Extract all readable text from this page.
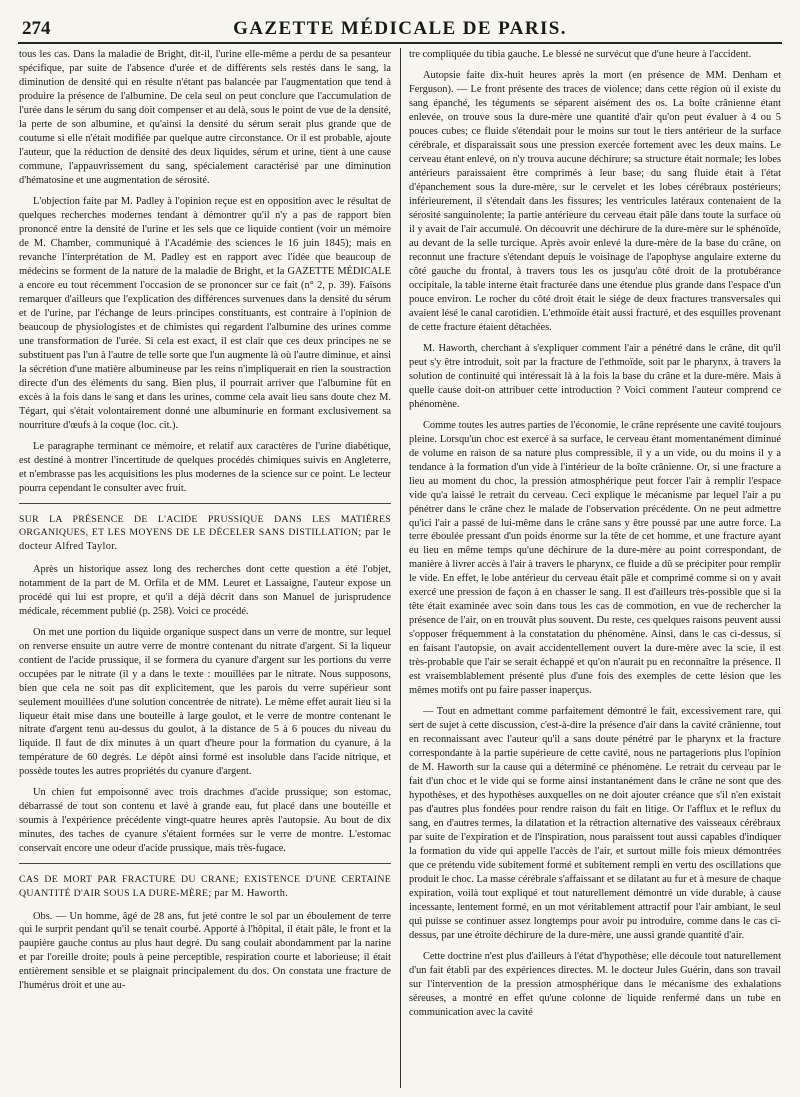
274	GAZETTE MÉDICALE DE PARIS.

tous les cas. Dans la maladie de Bright, dit-il, l'urine elle-même a perdu de sa pesanteur spécifique, par suite de l'absence d'urée et de différents sels restés dans le sang, la diminution de densité qui en résulte n'étant pas balancée par l'augmentation que tend à produire la présence de l'albumine. De cela seul on peut conclure que l'accumulation de l'urée dans le sérum du sang doit compenser et au delà, sous le point de vue de la densité, la perte de son albumine, et qu'ainsi la densité du sérum serait plus grande que de coutume si elle n'était modifiée par quelque autre circonstance. Or il est probable, ajoute l'auteur, que la réduction de densité des deux liquides, sérum et urine, tient à une cause commune, l'appauvrissement du sang, spécialement caractérisé par une diminution d'hématosine et une augmentation de sérosité.

L'objection faite par M. Padley à l'opinion reçue est en opposition avec le résultat de quelques recherches modernes tendant à démontrer qu'il n'y a pas de rapport bien prononcé entre la densité de l'urine et les sels que ce liquide contient (voir un mémoire de M. Chamber, communiqué à l'Académie des sciences le 16 juin 1845); mais en revanche l'interprétation de M. Padley est en rapport avec l'idée que beaucoup de médecins se forment de la nature de la maladie de Bright, et la GAZETTE MÉDICALE a encore eu tout récemment l'occasion de se prononcer sur ce fait (n° 2, p. 39). Faisons remarquer d'ailleurs que l'explication des différences survenues dans la densité du sérum et de l'urine, par l'échange de leurs principes constituants, est contraire à l'opinion de beaucoup de physiologistes et de chimistes qui regardent l'albumine des urines comme une transformation de l'urée. Si cela est exact, il est clair que ces deux principes ne se substituent pas l'un à l'autre de telle sorte que l'un augmente là où l'autre diminue, et ainsi la sécrétion d'une matière albumineuse par les reins n'impliquerait en rien la soustraction directe d'un des éléments du sang. Bien plus, il pourrait arriver que l'albumine fût en excès à la fois dans le sang et dans les urines, comme cela avait lieu sans doute chez M. Tégart, qui s'était volontairement donné une albuminurie en formant exclusivement sa nourriture d'œufs à la coque (loc. cit.).

Le paragraphe terminant ce mémoire, et relatif aux caractères de l'urine diabétique, est destiné à montrer l'incertitude de quelques procédés chimiques suivis en Angleterre, et n'embrasse pas les acquisitions les plus modernes de la science sur ce point. Le lecteur pourra cependant le consulter avec fruit.

SUR LA PRÉSENCE DE L'ACIDE PRUSSIQUE DANS LES MATIÈRES ORGANIQUES, ET LES MOYENS DE LE DÉCELER SANS DISTILLATION; par le docteur Alfred Taylor.

Après un historique assez long des recherches dont cette question a été l'objet, notamment de la part de M. Orfila et de MM. Leuret et Lassaigne, l'auteur expose un procédé qui lui est propre, et qu'il a déjà décrit dans son Manuel de jurisprudence médicale, récemment publié (p. 258). Voici ce procédé.

On met une portion du liquide organique suspect dans un verre de montre, sur lequel on renverse ensuite un autre verre de montre contenant du nitrate d'argent. Si la liqueur contient de l'acide prussique, il se formera du cyanure d'argent sur les portions du verre occupées par le nitrate (il y a dans le texte : mouillées par le nitrate. Nous supposons, bien que cela ne soit pas dit explicitement, que les parois du verre supérieur sont seulement mouillées d'une solution concentrée de nitrate). Le même effet aurait lieu si la liqueur était mise dans une bouteille à large goulot, et le verre de montre contenant le nitrate d'argent tenu au-dessus du goulot, à la distance de 5 à 6 pouces du niveau du liquide. Il faut de dix minutes à un quart d'heure pour la formation du cyanure, à la température de 60 degrés. Le dépôt ainsi formé est insoluble dans l'acide nitrique, et possède toutes les autres propriétés du cyanure d'argent.

Un chien fut empoisonné avec trois drachmes d'acide prussique; son estomac, débarrassé de tout son contenu et lavé à grande eau, fut placé dans une bouteille et soumis à l'expérience précédente vingt-quatre heures après l'autopsie. Au bout de dix minutes, des taches de cyanure s'étaient formées sur le verre de montre. L'estomac conservait encore une odeur d'acide prussique, mais très-fugace.

CAS DE MORT PAR FRACTURE DU CRANE; EXISTENCE D'UNE CERTAINE QUANTITÉ D'AIR SOUS LA DURE-MÈRE; par M. Haworth.

Obs. — Un homme, âgé de 28 ans, fut jeté contre le sol par un éboulement de terre qui le surprit pendant qu'il se tenait courbé. Apporté à l'hôpital, il était pâle, le front et la paupière gauche contus au plus haut degré. Du sang coulait abondamment par la narine et par l'oreille droite; pouls à peine perceptible, respiration courte et laborieuse; il était entièrement sensible et se plaignait principalement du dos. On constata une fracture de l'humérus droit et une au-

tre compliquée du tibia gauche. Le blessé ne survécut que d'une heure à l'accident.

Autopsie faite dix-huit heures après la mort (en présence de MM. Denham et Ferguson). — Le front présente des traces de violence; dans cette région où il existe du sang épanché, les téguments se séparent aisément des os. La boîte crânienne étant enlevée, on trouve sous la dure-mère une quantité d'air qu'on peut évaluer à 4 ou 5 pouces cubes; ce fluide s'étendait pour le moins sur tout le tiers antérieur de la surface cérébrale, et disparaissait sous une pression exercée fortement avec les deux mains. Le cerveau étant enlevé, on n'y trouva aucune déchirure; sa structure était normale; les lobes antérieurs paraissaient être comprimés à leur base; du sang fluide était à l'état d'épanchement sous la dure-mère, sur le cervelet et les lobes cérébraux postérieurs; inférieurement, il s'étendait dans les fissures; les ventricules latéraux contenaient de la sérosité sanguinolente; la partie antérieure du cerveau était pâle dans toute la surface où il y avait de l'air accumulé. On découvrit une déchirure de la dure-mère sur le sphénoïde, au devant de la selle turcique. Après avoir enlevé la dure-mère de la base du crâne, on reconnut une fracture s'étendant depuis le voisinage de l'apophyse angulaire externe du côté gauche du frontal, à travers tous les os jusqu'au côté droit de la protubérance occipitale, la table interne était fracturée dans une étendue plus grande dans l'espace d'un pouce environ. Le rocher du côté droit était le siége de deux fractures transversales qui avaient lésé le canal carotidien. L'ethmoïde était aussi fracturé, et des esquilles provenant de cette fracture étaient détachées.

M. Haworth, cherchant à s'expliquer comment l'air a pénétré dans le crâne, dit qu'il peut s'y être introduit, soit par la fracture de l'ethmoïde, soit par le pharynx, à travers la solution de continuité qui intéressait là à la fois la base du crâne et la dure-mère. Mais à quelle cause doit-on attribuer cette introduction ? Voici comment l'auteur comprend ce phénomène.

Comme toutes les autres parties de l'économie, le crâne représente une cavité toujours pleine. Lorsqu'un choc est exercé à sa surface, le cerveau étant momentanément diminué de volume en raison de sa nature plus compressible, il y a un vide, ou du moins il y a tendance à la formation d'un vide à l'intérieur de la boîte crânienne. Or, si une fracture a lieu au moment du choc, la pression atmosphérique peut forcer l'air à remplir l'espace vide qu'a laissé le retrait du cerveau. Ceci explique le mécanisme par lequel l'air a pu pénétrer dans le crâne chez le malade de l'observation précédente. On ne peut admettre qu'ici l'air a passé de lui-même dans le crâne sans y être poussé par une autre force. La terre éboulée pressant d'un poids énorme sur la tête de cet homme, et une fracture ayant eu lieu en même temps qu'une déchirure de la dure-mère au point correspondant, de manière à livrer accès à l'air à travers le pharynx, ce fluide a dû se précipiter pour remplir le vide. En effet, le lobe antérieur du cerveau était pâle et comprimé comme si on y avait exercé une pression de façon à en chasser le sang. Il est d'ailleurs très-possible que si la tête était examinée avec soin dans tous les cas de commotion, en vue de rechercher la présence de l'air, on en trouvât plus souvent. Du reste, ces quelques raisons peuvent aussi s'opposer fréquemment à la constatation du phénomène. Ainsi, dans le cas ci-dessus, si en faisant l'autopsie, on avait accidentellement ouvert la dure-mère avec la scie, il est très-probable que l'air se serait échappé et qu'on n'aurait pu en reconnaître la présence. Il est vraisemblablement présenté plus d'une fois des exemples de cette lésion que les mêmes motifs ont pu faire passer inaperçus.

— Tout en admettant comme parfaitement démontré le fait, excessivement rare, qui sert de sujet à cette discussion, c'est-à-dire la présence d'air dans la cavité crânienne, tout en reconnaissant avec l'auteur qu'il a sans doute pénétré par le pharynx et la fracture correspondante à la partie supérieure de cette cavité, nous ne partagerions plus l'opinion de M. Haworth sur la cause qui a déterminé ce phénomène. Le retrait du cerveau par le fait d'un choc et le vide qui se forme ainsi instantanément dans le crâne ne sont que des hypothèses, et des hypothèses auxquelles on ne doit ajouter créance que s'il n'en existait pas d'autres plus fondées pour rendre raison du fait en litige. Or l'afflux et le reflux du sang, en d'autres termes, la dilatation et la rétraction alternative des vaisseaux cérébraux par suite de l'expiration et de l'inspiration, nous paraissent tout aussi capables d'indiquer la formation du vide qui appelle l'accès de l'air, et surtout mille fois mieux démontrées que ce prétendu vide subitement formé et subitement rempli en vertu des oscillations que produit le choc. La masse cérébrale s'affaissant et se dilatant au fur et à mesure de chaque expiration, voilà tout expliqué et tout naturellement démontré un vide durable, à cause incessante, lentement formé, en un mot véritablement attractif pour l'air ambiant, le seul qui puisse se continuer assez longtemps pour avoir pu introduire, comme dans le cas ci-dessus, par une étroite déchirure de la dure-mère, une aussi grande quantité d'air.

Cette doctrine n'est plus d'ailleurs à l'état d'hypothèse; elle découle tout naturellement d'un fait établi par des expériences directes. M. le docteur Jules Guérin, dans son travail sur l'intervention de la pression atmosphérique dans le mécanisme des exhalations séreuses, a montré en effet qu'une colonne de liquide renfermé dans un tube en communication avec la cavité
